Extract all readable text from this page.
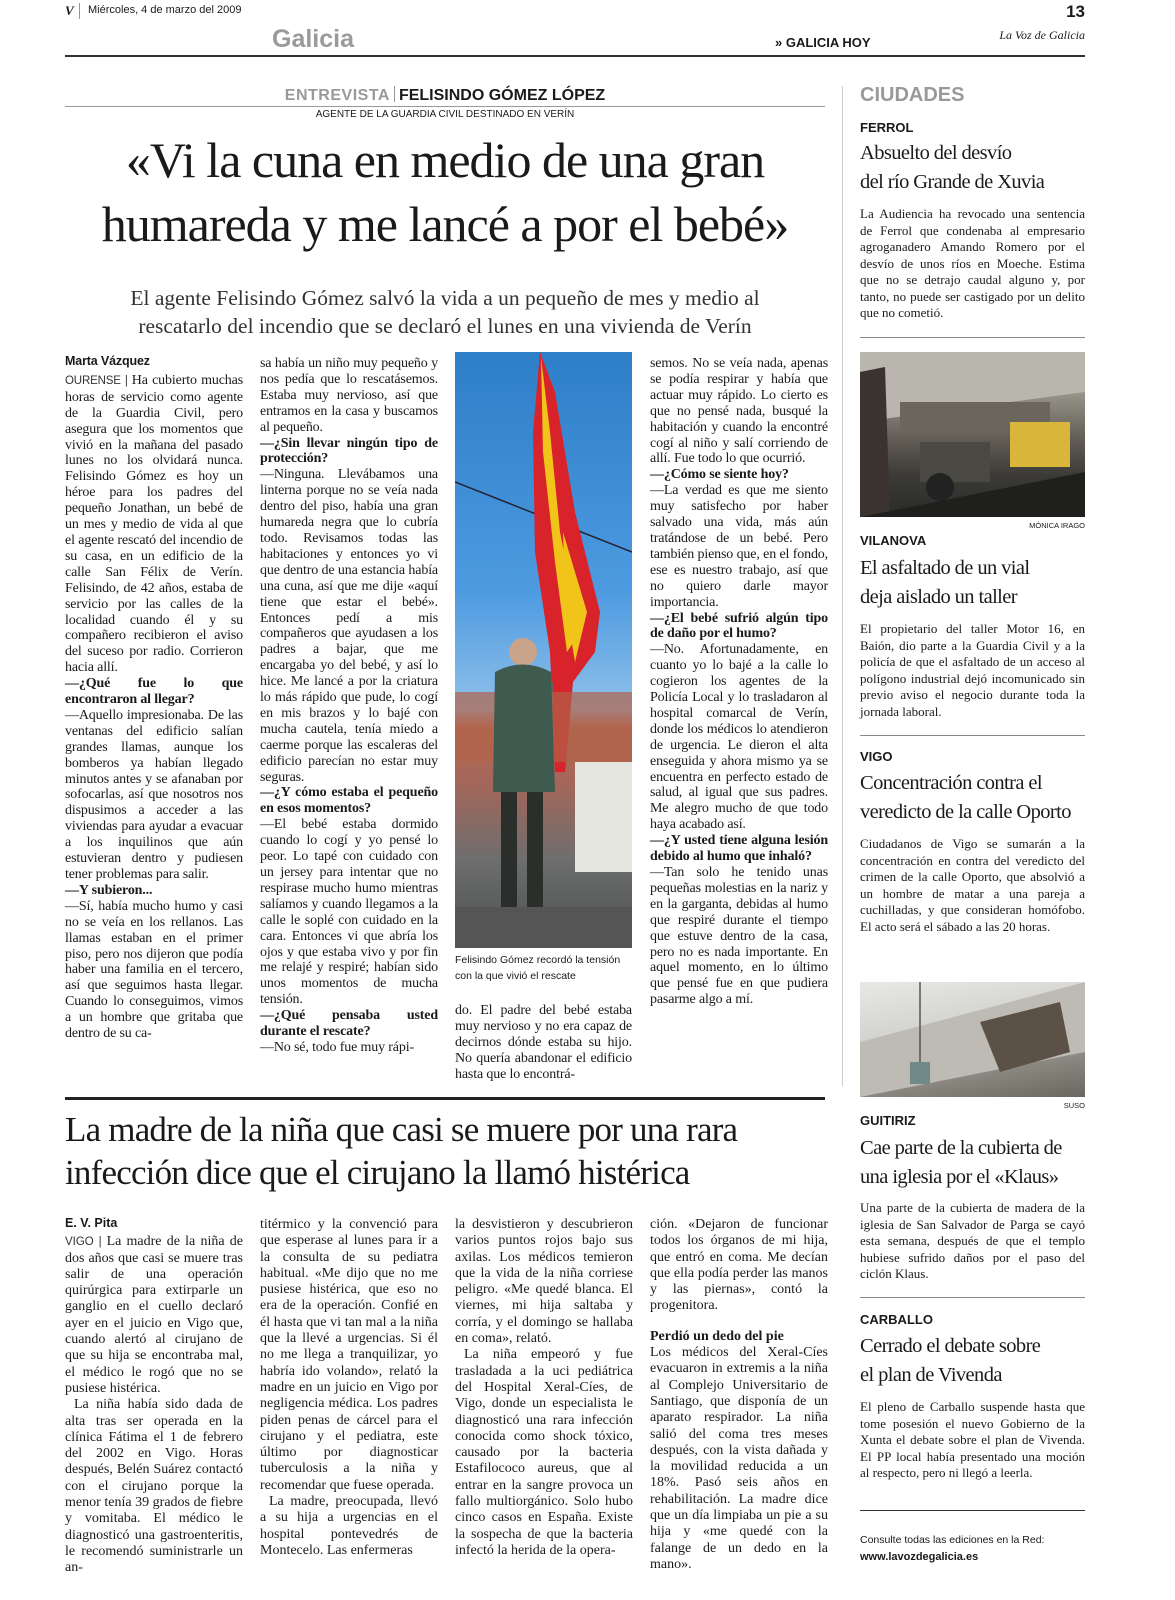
V	Miércoles, 4 de marzo del 2009	13
Galicia	» GALICIA HOY	La Voz de Galicia
ENTREVISTA FELISINDO GÓMEZ LÓPEZ
AGENTE DE LA GUARDIA CIVIL DESTINADO EN VERÍN
«Vi la cuna en medio de una gran
humareda y me lancé a por el bebé»
El agente Felisindo Gómez salvó la vida a un pequeño de mes y medio al
rescatarlo del incendio que se declaró el lunes en una vivienda de Verín
Marta Vázquez

OURENSE | Ha cubierto muchas horas de servicio como agente de la Guardia Civil, pero asegura que los momentos que vivió en la mañana del pasado lunes no los olvidará nunca. Felisindo Gómez es hoy un héroe para los padres del pequeño Jonathan, un bebé de un mes y medio de vida al que el agente rescató del incendio de su casa, en un edificio de la calle San Félix de Verín. Felisindo, de 42 años, estaba de servicio por las calles de la localidad cuando él y su compañero recibieron el aviso del suceso por radio. Corrieron hacia allí.

—¿Qué fue lo que encontraron al llegar?

—Aquello impresionaba. De las ventanas del edificio salían grandes llamas, aunque los bomberos ya habían llegado minutos antes y se afanaban por sofocarlas, así que nosotros nos dispusimos a acceder a las viviendas para ayudar a evacuar a los inquilinos que aún estuvieran dentro y pudiesen tener problemas para salir.

—Y subieron...

—Sí, había mucho humo y casi no se veía en los rellanos. Las llamas estaban en el primer piso, pero nos dijeron que podía haber una familia en el tercero, así que seguimos hasta llegar. Cuando lo conseguimos, vimos a un hombre que gritaba que dentro de su ca-

sa había un niño muy pequeño y nos pedía que lo rescatásemos. Estaba muy nervioso, así que entramos en la casa y buscamos al pequeño.

—¿Sin llevar ningún tipo de protección?

—Ninguna. Llevábamos una linterna porque no se veía nada dentro del piso, había una gran humareda negra que lo cubría todo. Revisamos todas las habitaciones y entonces yo vi que dentro de una estancia había una cuna, así que me dije «aquí tiene que estar el bebé». Entonces pedí a mis compañeros que ayudasen a los padres a bajar, que me encargaba yo del bebé, y así lo hice. Me lancé a por la criatura lo más rápido que pude, lo cogí en mis brazos y lo bajé con mucha cautela, tenía miedo a caerme porque las escaleras del edificio parecían no estar muy seguras.

—¿Y cómo estaba el pequeño en esos momentos?

—El bebé estaba dormido cuando lo cogí y yo pensé lo peor. Lo tapé con cuidado con un jersey para intentar que no respirase mucho humo mientras salíamos y cuando llegamos a la calle le soplé con cuidado en la cara. Entonces vi que abría los ojos y que estaba vivo y por fin me relajé y respiré; habían sido unos momentos de mucha tensión.

—¿Qué pensaba usted durante el rescate?

—No sé, todo fue muy rápi-

Felisindo Gómez recordó la tensión con la que vivió el rescate

do. El padre del bebé estaba muy nervioso y no era capaz de decirnos dónde estaba su hijo. No quería abandonar el edificio hasta que lo encontrá-

semos. No se veía nada, apenas se podía respirar y había que actuar muy rápido. Lo cierto es que no pensé nada, busqué la habitación y cuando la encontré cogí al niño y salí corriendo de allí. Fue todo lo que ocurrió.

—¿Cómo se siente hoy?

—La verdad es que me siento muy satisfecho por haber salvado una vida, más aún tratándose de un bebé. Pero también pienso que, en el fondo, ese es nuestro trabajo, así que no quiero darle mayor importancia.

—¿El bebé sufrió algún tipo de daño por el humo?

—No. Afortunadamente, en cuanto yo lo bajé a la calle lo cogieron los agentes de la Policía Local y lo trasladaron al hospital comarcal de Verín, donde los médicos lo atendieron de urgencia. Le dieron el alta enseguida y ahora mismo ya se encuentra en perfecto estado de salud, al igual que sus padres. Me alegro mucho de que todo haya acabado así.

—¿Y usted tiene alguna lesión debido al humo que inhaló?

—Tan solo he tenido unas pequeñas molestias en la nariz y en la garganta, debidas al humo que respiré durante el tiempo que estuve dentro de la casa, pero no es nada importante. En aquel momento, en lo último que pensé fue en que pudiera pasarme algo a mí.

La madre de la niña que casi se muere por una rara
infección dice que el cirujano la llamó histérica
E. V. Pita

VIGO | La madre de la niña de dos años que casi se muere tras salir de una operación quirúrgica para extirparle un ganglio en el cuello declaró ayer en el juicio en Vigo que, cuando alertó al cirujano de que su hija se encontraba mal, el médico le rogó que no se pusiese histérica.

La niña había sido dada de alta tras ser operada en la clínica Fátima el 1 de febrero del 2002 en Vigo. Horas después, Belén Suárez contactó con el cirujano porque la menor tenía 39 grados de fiebre y vomitaba. El médico le diagnosticó una gastroenteritis, le recomendó suministrarle un an-

titérmico y la convenció para que esperase al lunes para ir a la consulta de su pediatra habitual. «Me dijo que no me pusiese histérica, que eso no era de la operación. Confié en él hasta que vi tan mal a la niña que la llevé a urgencias. Si él no me llega a tranquilizar, yo habría ido volando», relató la madre en un juicio en Vigo por negligencia médica. Los padres piden penas de cárcel para el cirujano y el pediatra, este último por diagnosticar tuberculosis a la niña y recomendar que fuese operada.

La madre, preocupada, llevó a su hija a urgencias en el hospital pontevedrés de Montecelo. Las enfermeras

la desvistieron y descubrieron varios puntos rojos bajo sus axilas. Los médicos temieron que la vida de la niña corriese peligro. «Me quedé blanca. El viernes, mi hija saltaba y corría, y el domingo se hallaba en coma», relató.

La niña empeoró y fue trasladada a la uci pediátrica del Hospital Xeral-Cíes, de Vigo, donde un especialista le diagnosticó una rara infección conocida como shock tóxico, causado por la bacteria Estafilococo aureus, que al entrar en la sangre provoca un fallo multiorgánico. Solo hubo cinco casos en España. Existe la sospecha de que la bacteria infectó la herida de la opera-

ción. «Dejaron de funcionar todos los órganos de mi hija, que entró en coma. Me decían que ella podía perder las manos y las piernas», contó la progenitora.

Perdió un dedo del pie

Los médicos del Xeral-Cíes evacuaron in extremis a la niña al Complejo Universitario de Santiago, que disponía de un aparato respirador. La niña salió del coma tres meses después, con la vista dañada y la movilidad reducida a un 18%. Pasó seis años en rehabilitación. La madre dice que un día limpiaba un pie a su hija y «me quedé con la falange de un dedo en la mano».

CIUDADES
FERROL
Absuelto del desvío
del río Grande de Xuvia
La Audiencia ha revocado una sentencia de Ferrol que condenaba al empresario agroganadero Amando Romero por el desvío de unos ríos en Moeche. Estima que no se detrajo caudal alguno y, por tanto, no puede ser castigado por un delito que no cometió.
MÓNICA IRAGO
VILANOVA
El asfaltado de un vial
deja aislado un taller
El propietario del taller Motor 16, en Baión, dio parte a la Guardia Civil y a la policía de que el asfaltado de un acceso al polígono industrial dejó incomunicado sin previo aviso el negocio durante toda la jornada laboral.
VIGO
Concentración contra el
veredicto de la calle Oporto
Ciudadanos de Vigo se sumarán a la concentración en contra del veredicto del crimen de la calle Oporto, que absolvió a un hombre de matar a una pareja a cuchilladas, y que consideran homófobo. El acto será el sábado a las 20 horas.
SUSO
GUITIRIZ
Cae parte de la cubierta de
una iglesia por el «Klaus»
Una parte de la cubierta de madera de la iglesia de San Salvador de Parga se cayó esta semana, después de que el templo hubiese sufrido daños por el paso del ciclón Klaus.
CARBALLO
Cerrado el debate sobre
el plan de Vivenda
El pleno de Carballo suspende hasta que tome posesión el nuevo Gobierno de la Xunta el debate sobre el plan de Vivenda. El PP local había presentado una moción al respecto, pero ni llegó a leerla.
Consulte todas las ediciones en la Red:
www.lavozdegalicia.es
